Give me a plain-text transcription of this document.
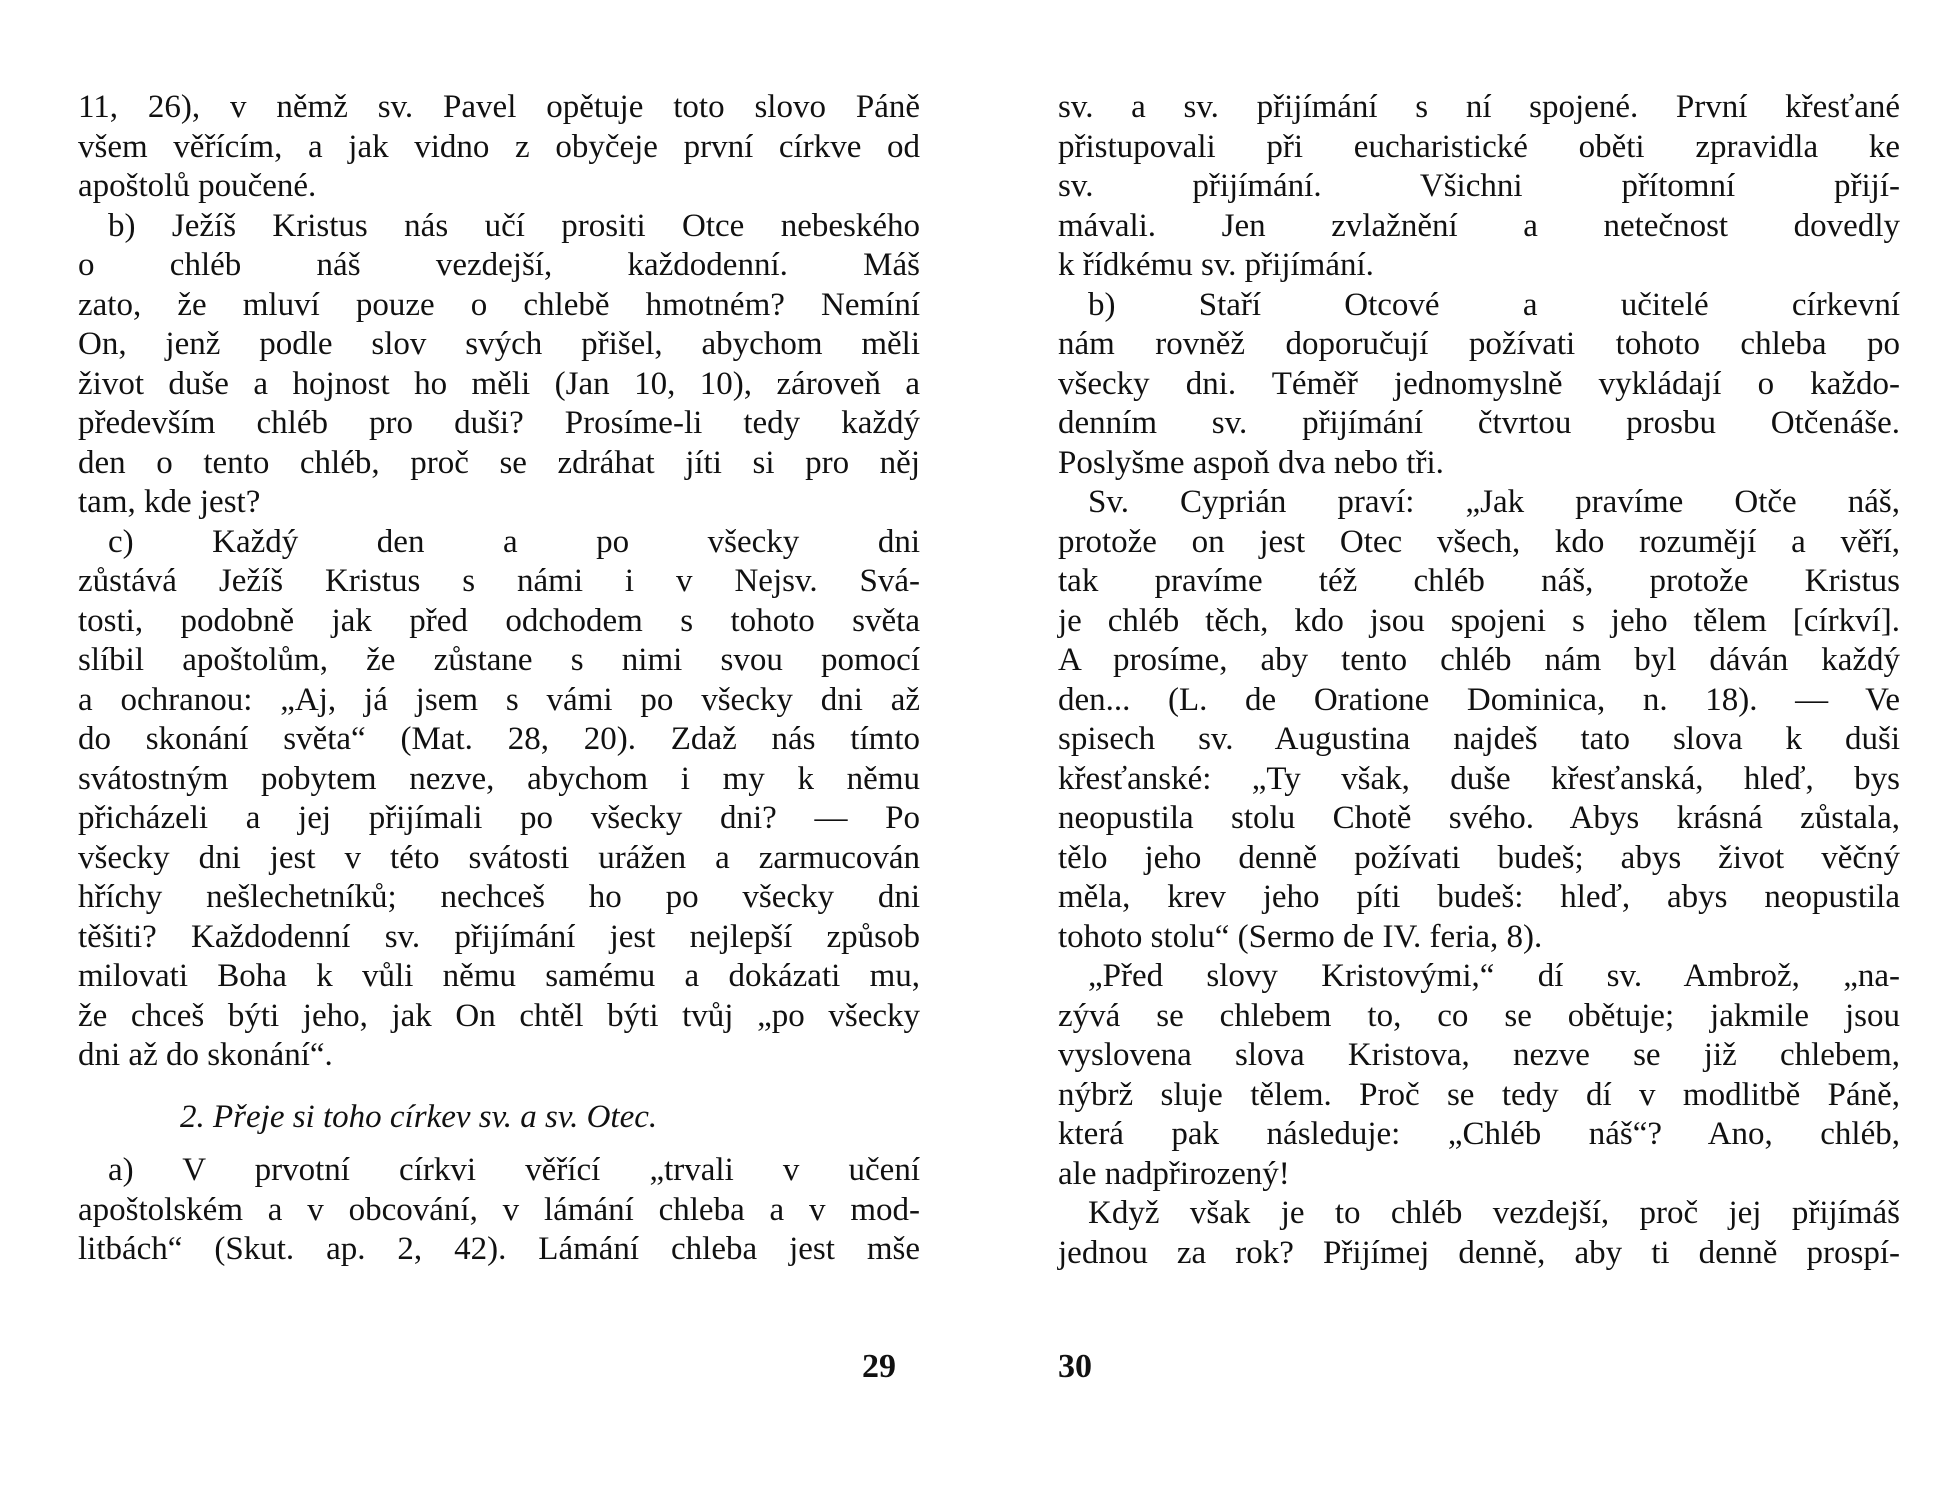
11, 26), v němž sv. Pavel opětuje toto slovo Páně

všem věřícím, a jak vidno z obyčeje první církve od

apoštolů poučené.

b) Ježíš Kristus nás učí prositi Otce nebeského

o chléb náš vezdejší, každodenní. Máš

zato, že mluví pouze o chlebě hmotném? Nemíní

On, jenž podle slov svých přišel, abychom měli

život duše a hojnost ho měli (Jan 10, 10), zároveň a

především chléb pro duši? Prosíme-li tedy každý

den o tento chléb, proč se zdráhat jíti si pro něj

tam, kde jest?

c) Každý den a po všecky dni

zůstává Ježíš Kristus s námi i v Nejsv. Svá-

tosti, podobně jak před odchodem s tohoto světa

slíbil apoštolům, že zůstane s nimi svou pomocí

a ochranou: „Aj, já jsem s vámi po všecky dni až

do skonání světa“ (Mat. 28, 20). Zdaž nás tímto

svátostným pobytem nezve, abychom i my k němu

přicházeli a jej přijímali po všecky dni? — Po

všecky dni jest v této svátosti urážen a zarmucován

hříchy nešlechetníků; nechceš ho po všecky dni

těšiti? Každodenní sv. přijímání jest nejlepší způsob

milovati Boha k vůli němu samému a dokázati mu,

že chceš býti jeho, jak On chtěl býti tvůj „po všecky

dni až do skonání“.

2. Přeje si toho církev sv. a sv. Otec.

a) V prvotní církvi věřící „trvali v učení

apoštolském a v obcování, v lámání chleba a v mod-

litbách“ (Skut. ap. 2, 42). Lámání chleba jest mše

29

sv. a sv. přijímání s ní spojené. První křesťané

přistupovali při eucharistické oběti zpravidla ke

sv. přijímání. Všichni přítomní přijí-

mávali. Jen zvlažnění a netečnost dovedly

k řídkému sv. přijímání.

b) Staří Otcové a učitelé církevní

nám rovněž doporučují požívati tohoto chleba po

všecky dni. Téměř jednomyslně vykládají o každo-

denním sv. přijímání čtvrtou prosbu Otčenáše.

Poslyšme aspoň dva nebo tři.

Sv. Cyprián praví: „Jak pravíme Otče náš,

protože on jest Otec všech, kdo rozumějí a věří,

tak pravíme též chléb náš, protože Kristus

je chléb těch, kdo jsou spojeni s jeho tělem [církví].

A prosíme, aby tento chléb nám byl dáván každý

den... (L. de Oratione Dominica, n. 18). — Ve

spisech sv. Augustina najdeš tato slova k duši

křesťanské: „Ty však, duše křesťanská, hleď, bys

neopustila stolu Chotě svého. Abys krásná zůstala,

tělo jeho denně požívati budeš; abys život věčný

měla, krev jeho píti budeš: hleď, abys neopustila

tohoto stolu“ (Sermo de IV. feria, 8).

„Před slovy Kristovými,“ dí sv. Ambrož, „na-

zývá se chlebem to, co se obětuje; jakmile jsou

vyslovena slova Kristova, nezve se již chlebem,

nýbrž sluje tělem. Proč se tedy dí v modlitbě Páně,

která pak následuje: „Chléb náš“? Ano, chléb,

ale nadpřirozený!

Když však je to chléb vezdejší, proč jej přijímáš

jednou za rok? Přijímej denně, aby ti denně prospí-

30
